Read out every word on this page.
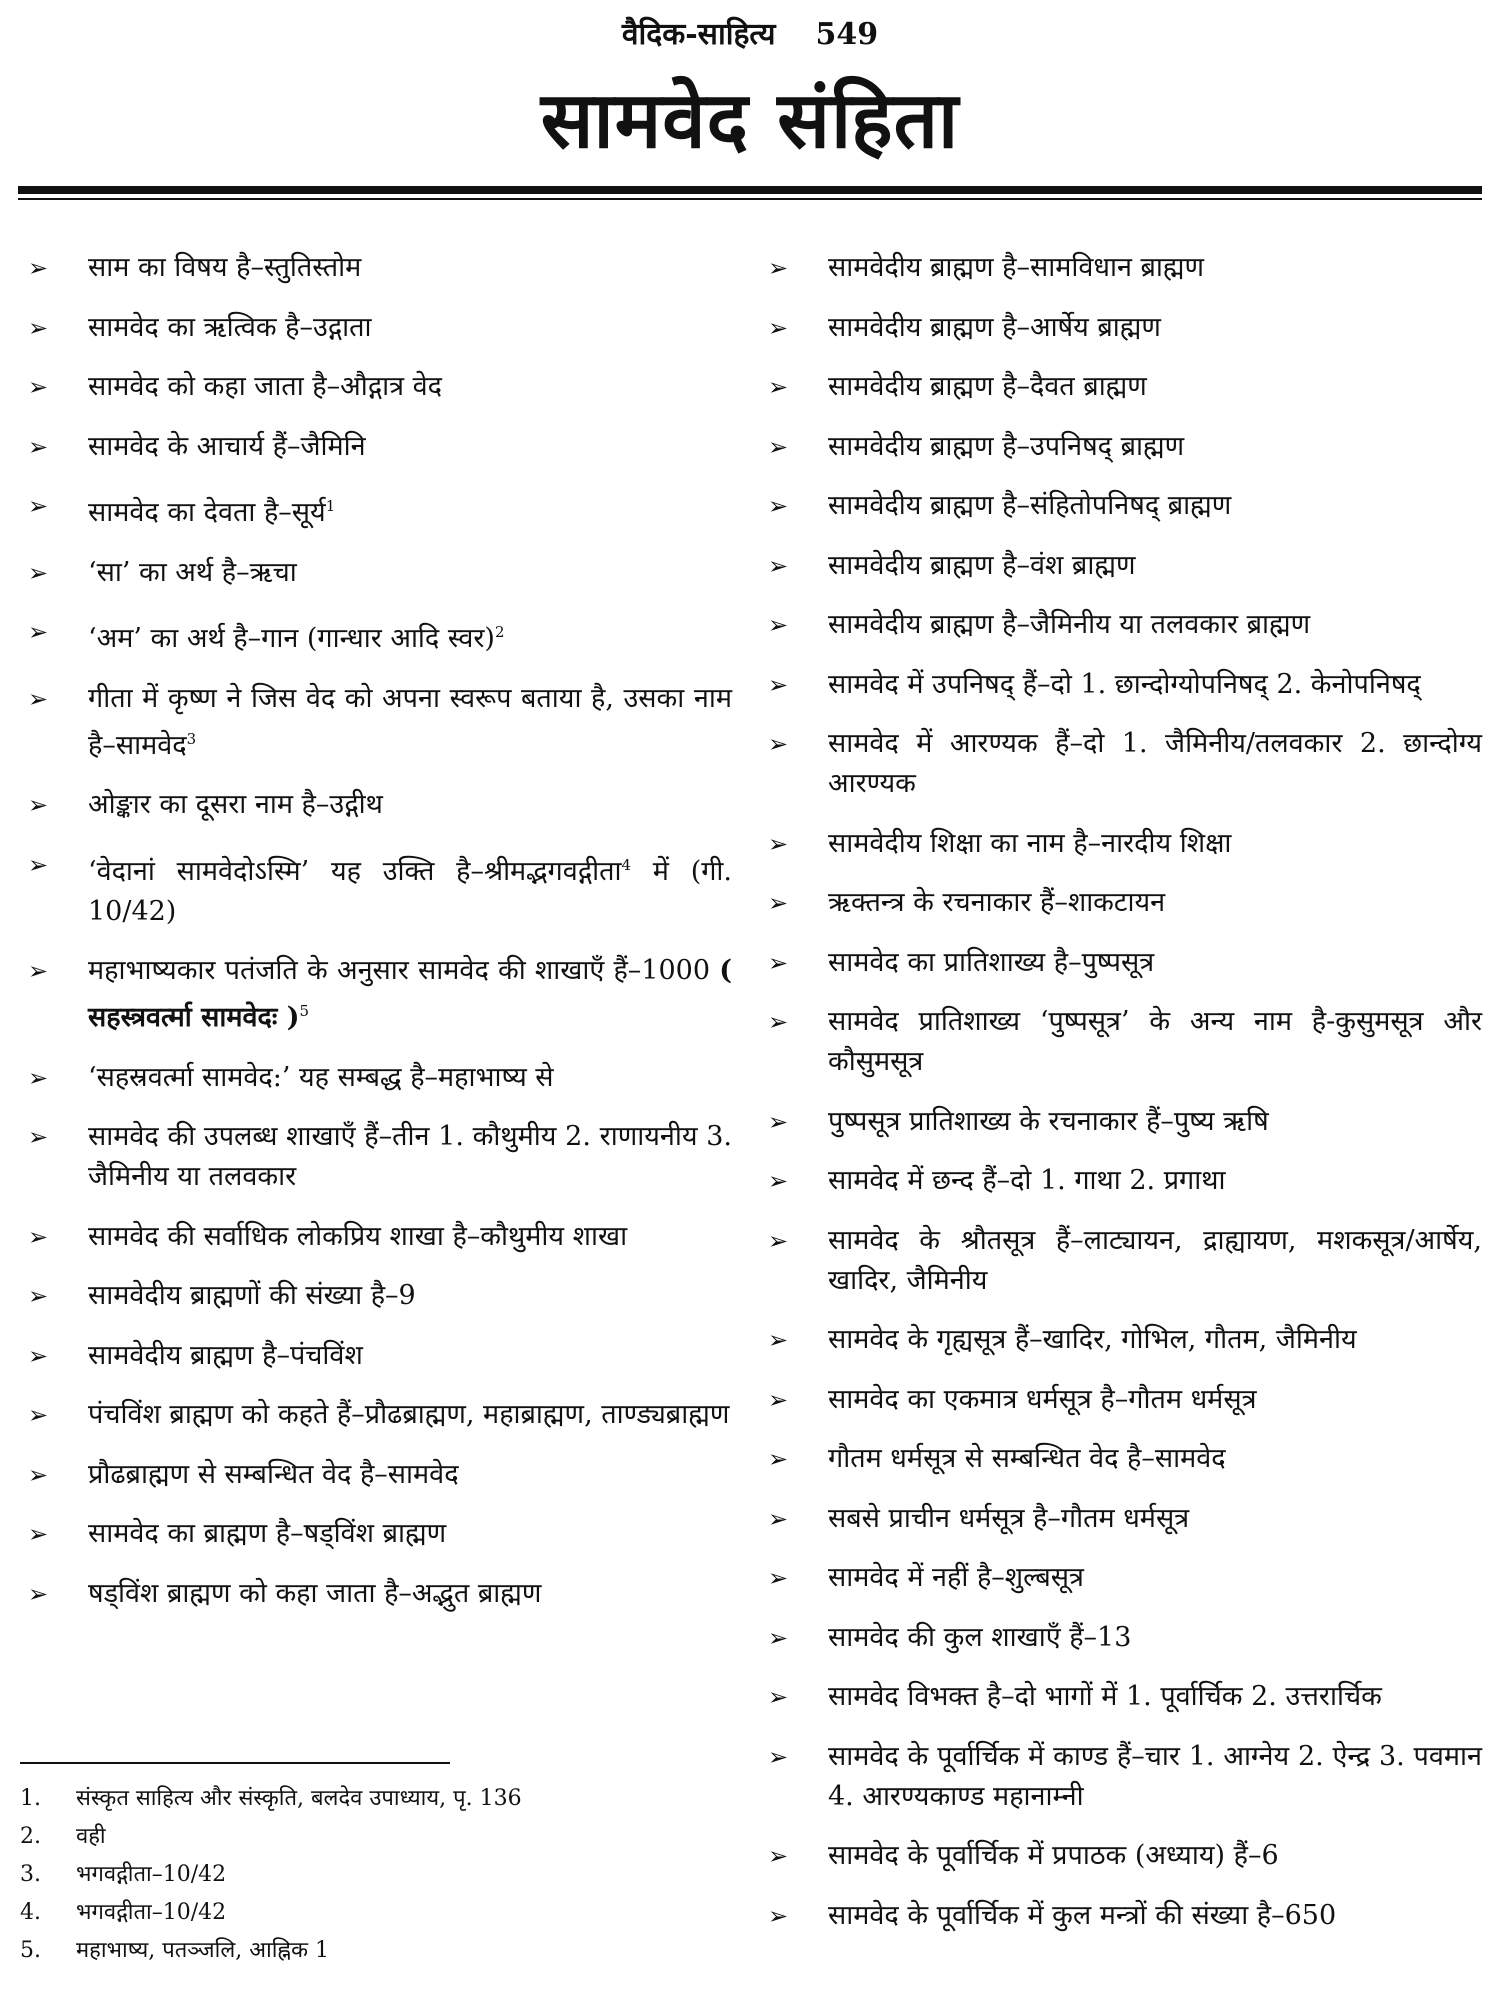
वैदिक-साहित्य 549
सामवेद संहिता
➢ साम का विषय है–स्तुतिस्तोम
➢ सामवेद का ऋत्विक है–उद्गाता
➢ सामवेद को कहा जाता है–औद्गात्र वेद
➢ सामवेद के आचार्य हैं–जैमिनि
➢ सामवेद का देवता है–सूर्य$^1$
➢ ‘सा’ का अर्थ है–ऋचा
➢ ‘अम’ का अर्थ है–गान (गान्धार आदि स्वर)$^2$
➢ गीता में कृष्ण ने जिस वेद को अपना स्वरूप बताया है, उसका नाम है–सामवेद$^3$
➢ ओङ्कार का दूसरा नाम है–उद्गीथ
➢ ‘वेदानां सामवेदोऽस्मि’ यह उक्ति है–श्रीमद्भगवद्गीता$^4$ में (गी. 10/42)
➢ महाभाष्यकार पतंजति के अनुसार सामवेद की शाखाएँ हैं–1000 ( सहस्त्रवर्त्मा सामवेदः )$^5$
➢ ‘सहस्रवर्त्मा सामवेद:’ यह सम्बद्ध है–महाभाष्य से
➢ सामवेद की उपलब्ध शाखाएँ हैं–तीन 1. कौथुमीय 2. राणायनीय 3. जैमिनीय या तलवकार
➢ सामवेद की सर्वाधिक लोकप्रिय शाखा है–कौथुमीय शाखा
➢ सामवेदीय ब्राह्मणों की संख्या है–9
➢ सामवेदीय ब्राह्मण है–पंचविंश
➢ पंचविंश ब्राह्मण को कहते हैं–प्रौढब्राह्मण, महाब्राह्मण, ताण्ड्यब्राह्मण
➢ प्रौढब्राह्मण से सम्बन्धित वेद है–सामवेद
➢ सामवेद का ब्राह्मण है–षड्विंश ब्राह्मण
➢ षड्विंश ब्राह्मण को कहा जाता है–अद्भुत ब्राह्मण
➢ सामवेदीय ब्राह्मण है–सामविधान ब्राह्मण
➢ सामवेदीय ब्राह्मण है–आर्षेय ब्राह्मण
➢ सामवेदीय ब्राह्मण है–दैवत ब्राह्मण
➢ सामवेदीय ब्राह्मण है–उपनिषद् ब्राह्मण
➢ सामवेदीय ब्राह्मण है–संहितोपनिषद् ब्राह्मण
➢ सामवेदीय ब्राह्मण है–वंश ब्राह्मण
➢ सामवेदीय ब्राह्मण है–जैमिनीय या तलवकार ब्राह्मण
➢ सामवेद में उपनिषद् हैं–दो 1. छान्दोग्योपनिषद् 2. केनोपनिषद्
➢ सामवेद में आरण्यक हैं–दो 1. जैमिनीय/तलवकार 2. छान्दोग्य आरण्यक
➢ सामवेदीय शिक्षा का नाम है–नारदीय शिक्षा
➢ ऋक्तन्त्र के रचनाकार हैं–शाकटायन
➢ सामवेद का प्रातिशाख्य है–पुष्पसूत्र
➢ सामवेद प्रातिशाख्य ‘पुष्पसूत्र’ के अन्य नाम है-कुसुमसूत्र और कौसुमसूत्र
➢ पुष्पसूत्र प्रातिशाख्य के रचनाकार हैं–पुष्य ऋषि
➢ सामवेद में छन्द हैं–दो 1. गाथा 2. प्रगाथा
➢ सामवेद के श्रौतसूत्र हैं–लाट्यायन, द्राह्यायण, मशकसूत्र/आर्षेय, खादिर, जैमिनीय
➢ सामवेद के गृह्यसूत्र हैं–खादिर, गोभिल, गौतम, जैमिनीय
➢ सामवेद का एकमात्र धर्मसूत्र है–गौतम धर्मसूत्र
➢ गौतम धर्मसूत्र से सम्बन्धित वेद है–सामवेद
➢ सबसे प्राचीन धर्मसूत्र है–गौतम धर्मसूत्र
➢ सामवेद में नहीं है–शुल्बसूत्र
➢ सामवेद की कुल शाखाएँ हैं–13
➢ सामवेद विभक्त है–दो भागों में 1. पूर्वार्चिक 2. उत्तरार्चिक
➢ सामवेद के पूर्वार्चिक में काण्ड हैं–चार 1. आग्नेय 2. ऐन्द्र 3. पवमान 4. आरण्यकाण्ड महानाम्नी
➢ सामवेद के पूर्वार्चिक में प्रपाठक (अध्याय) हैं–6
➢ सामवेद के पूर्वार्चिक में कुल मन्त्रों की संख्या है–650
1. संस्कृत साहित्य और संस्कृति, बलदेव उपाध्याय, पृ. 136
2. वही
3. भगवद्गीता–10/42
4. भगवद्गीता–10/42
5. महाभाष्य, पतञ्जलि, आह्निक 1
